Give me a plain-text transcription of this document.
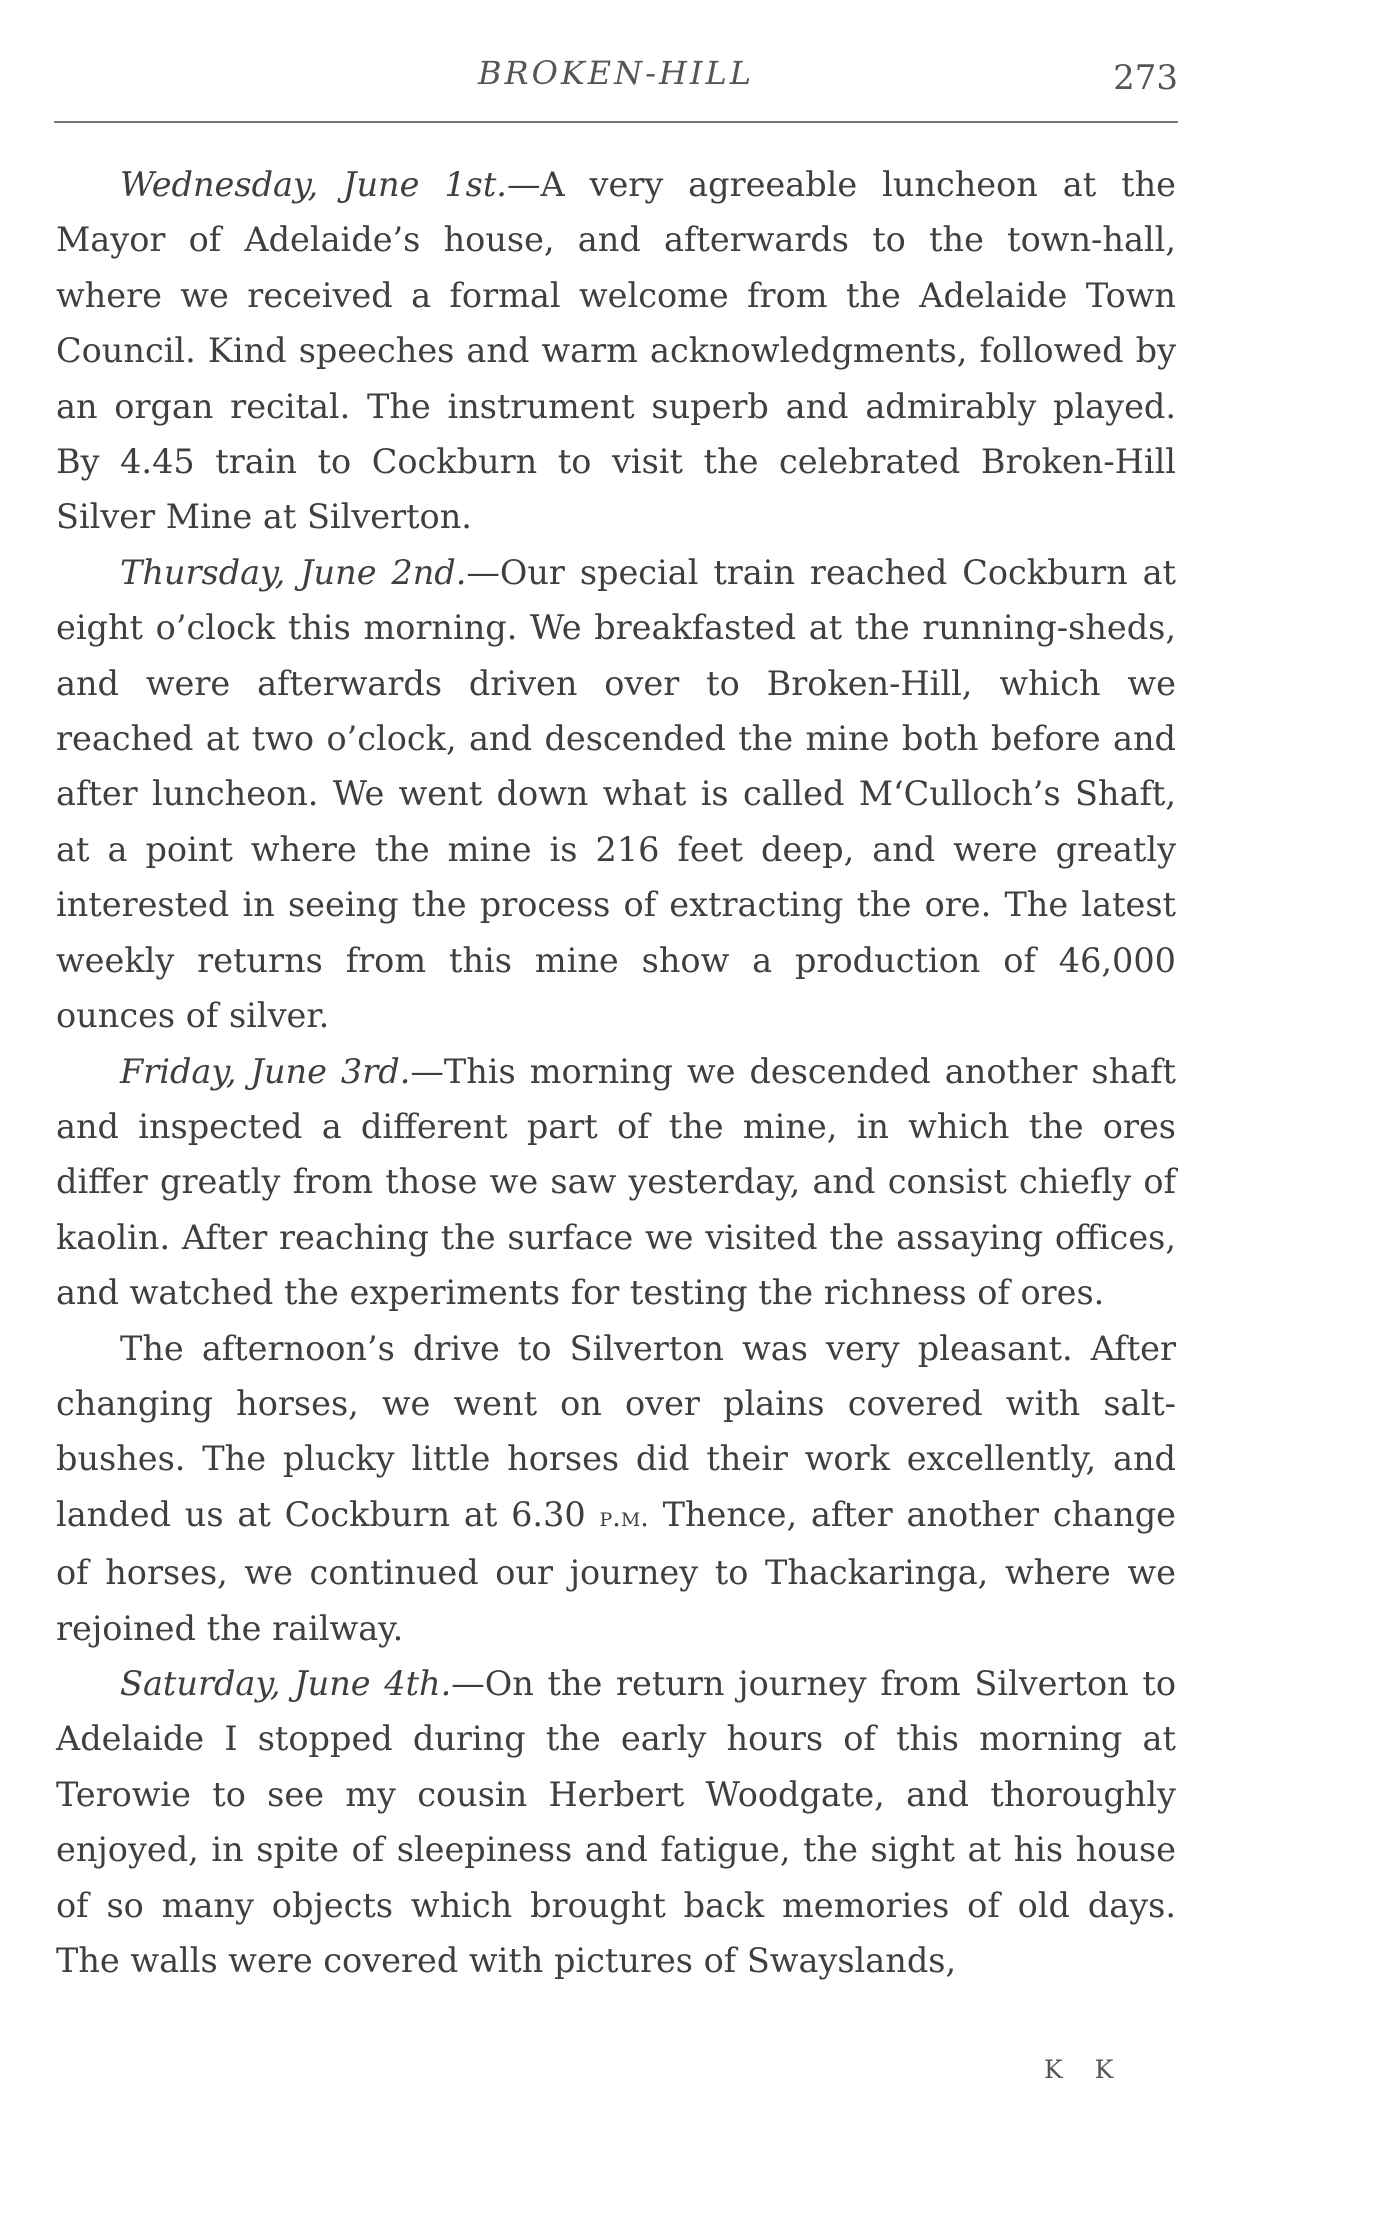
BROKEN-HILL	273

Wednesday, June 1st.—A very agreeable luncheon at the Mayor of Adelaide’s house, and afterwards to the town-hall, where we received a formal welcome from the Adelaide Town Council. Kind speeches and warm acknowledgments, followed by an organ recital. The instrument superb and admirably played. By 4.45 train to Cockburn to visit the celebrated Broken-Hill Silver Mine at Silverton.

Thursday, June 2nd.—Our special train reached Cockburn at eight o’clock this morning. We breakfasted at the running-sheds, and were afterwards driven over to Broken-Hill, which we reached at two o’clock, and descended the mine both before and after luncheon. We went down what is called M‘Culloch’s Shaft, at a point where the mine is 216 feet deep, and were greatly interested in seeing the process of extracting the ore. The latest weekly returns from this mine show a production of 46,000 ounces of silver.

Friday, June 3rd.—This morning we descended another shaft and inspected a different part of the mine, in which the ores differ greatly from those we saw yesterday, and consist chiefly of kaolin. After reaching the surface we visited the assaying offices, and watched the experiments for testing the richness of ores.

The afternoon’s drive to Silverton was very pleasant. After changing horses, we went on over plains covered with salt-bushes. The plucky little horses did their work excellently, and landed us at Cockburn at 6.30 p.m. Thence, after another change of horses, we continued our journey to Thackaringa, where we rejoined the railway.

Saturday, June 4th.—On the return journey from Silverton to Adelaide I stopped during the early hours of this morning at Terowie to see my cousin Herbert Woodgate, and thoroughly enjoyed, in spite of sleepiness and fatigue, the sight at his house of so many objects which brought back memories of old days. The walls were covered with pictures of Swayslands,

K K
